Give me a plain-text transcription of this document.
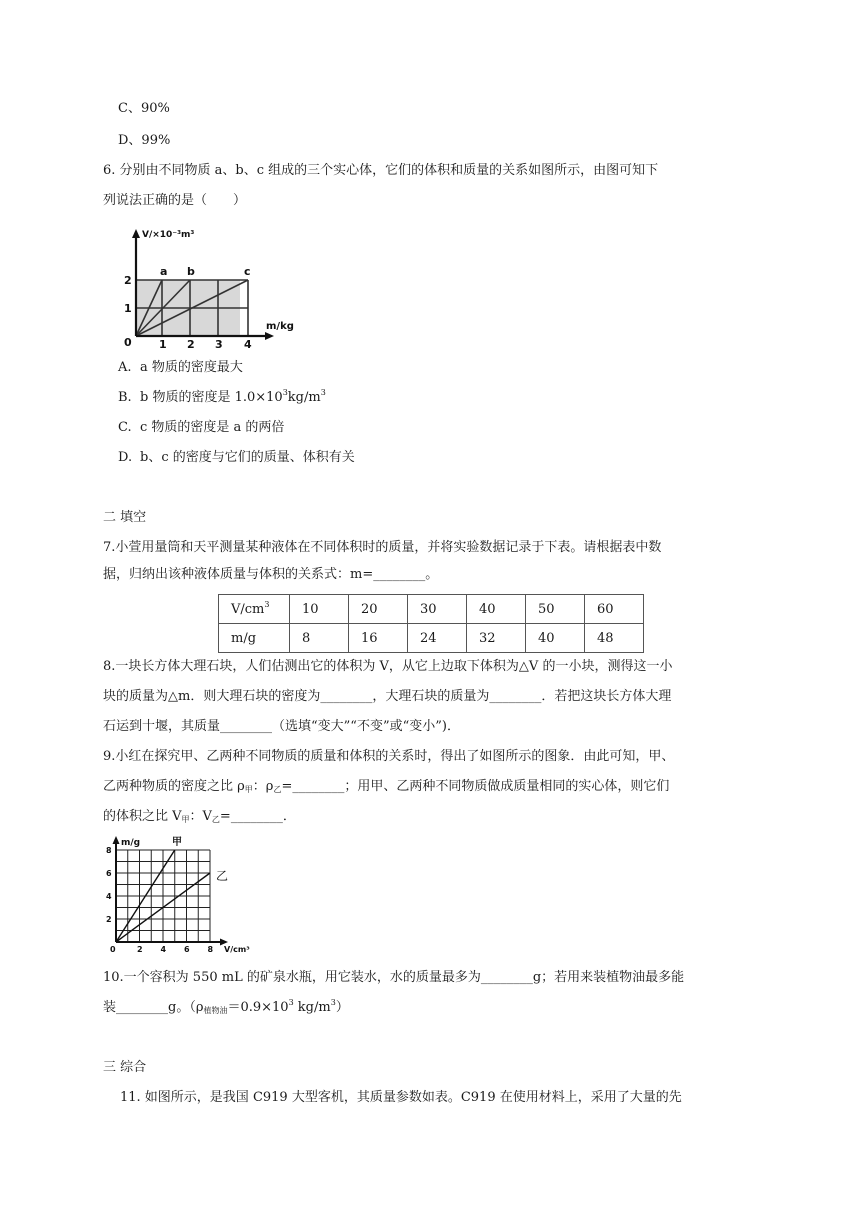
C、90%
D、99%
6. 分别由不同物质 a、b、c 组成的三个实心体，它们的体积和质量的关系如图所示，由图可知下
列说法正确的是（　　）
V/×10⁻³m³
m/kg
0 1 2 3 4
1
2
a b	c
A. a 物质的密度最大
B. b 物质的密度是 $1.0\times 10^3kg/m^3$
C. c 物质的密度是 a 的两倍
D. b、c 的密度与它们的质量、体积有关
二 填空
7.小萱用量筒和天平测量某种液体在不同体积时的质量，并将实验数据记录于下表。请根据表中数
据，归纳出该种液体质量与体积的关系式：m=________。
$V/cm^3$	10	20	30	40	50	60
m/g	8	16	24	32	40	48
8.一块长方体大理石块，人们估测出它的体积为 V，从它上边取下体积为△V 的一小块，测得这一小
块的质量为△m．则大理石块的密度为________，大理石块的质量为________．若把这块长方体大理
石运到十堰，其质量________（选填“变大”“不变”或“变小”)．
9.小红在探究甲、乙两种不同物质的质量和体积的关系时，得出了如图所示的图象．由此可知，甲、
乙两种物质的密度之比 $\rho_甲$：$\rho_乙=\_\_\_\_\_\_\_\_$；用甲、乙两种不同物质做成质量相同的实心体，则它们
的体积之比 $V_甲$：$V_乙=\_\_\_\_\_\_\_\_$．
m/g	甲
乙
V/cm³
0	2 4 6 8
2
4
6
8
10.一个容积为 550 mL 的矿泉水瓶，用它装水，水的质量最多为________g；若用来装植物油最多能
装________g。（$\rho_{植物油}=0.9\times 10^3$ $kg/m^3$）
三 综合
11. 如图所示，是我国 C919 大型客机，其质量参数如表。C919 在使用材料上，采用了大量的先
